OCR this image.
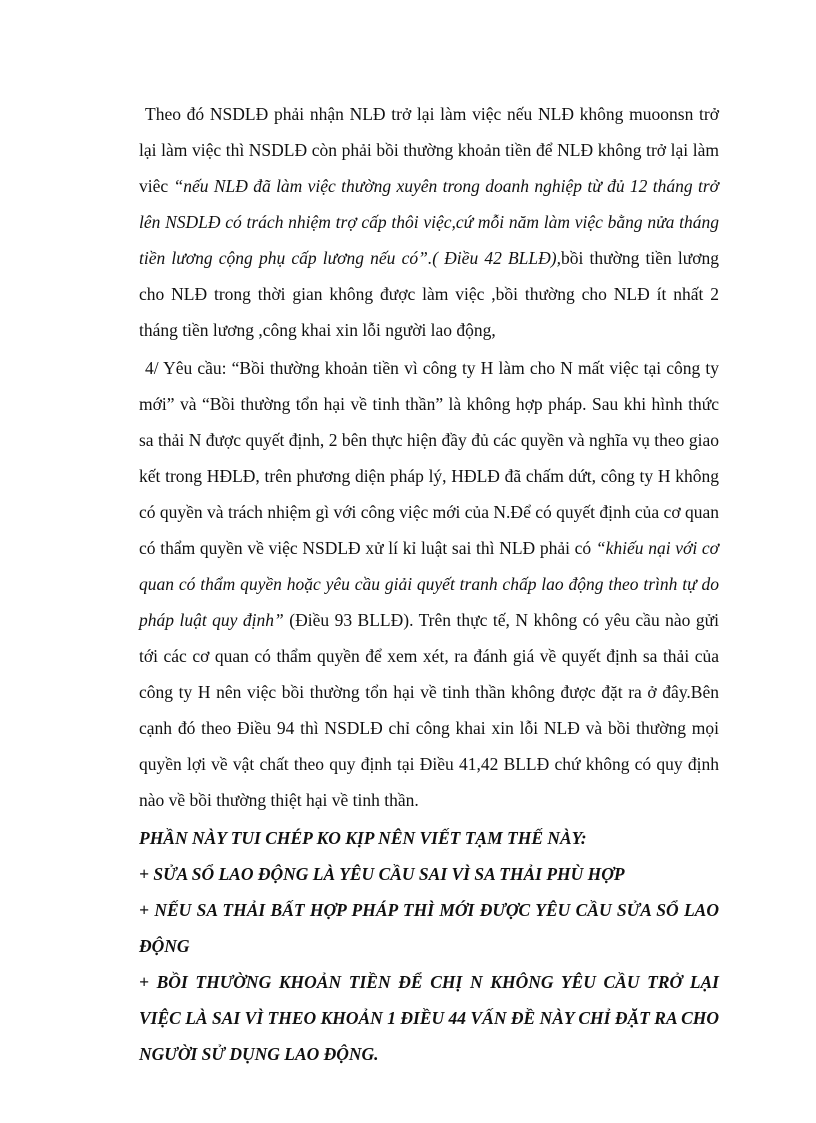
Theo đó NSDLĐ phải nhận NLĐ trở lại làm việc nếu NLĐ không muoonsn trở lại làm việc thì NSDLĐ còn phải bồi thường khoản tiền để NLĐ không trở lại làm viêc “nếu NLĐ đã làm việc thường xuyên trong doanh nghiệp từ đủ 12 tháng trở lên NSDLĐ có trách nhiệm trợ cấp thôi việc,cứ mỗi năm làm việc bằng nửa tháng tiền lương cộng phụ cấp lương nếu có”.( Điều 42 BLLĐ),bồi thường tiền lương cho NLĐ trong thời gian không được làm việc ,bồi thường cho NLĐ ít nhất 2 tháng tiền lương ,công khai xin lỗi người lao động,

4/ Yêu cầu: “Bồi thường khoản tiền vì công ty H làm cho N mất việc tại công ty mới” và “Bồi thường tổn hại về tinh thần” là không hợp pháp. Sau khi hình thức sa thải N được quyết định, 2 bên thực hiện đầy đủ các quyền và nghĩa vụ theo giao kết trong HĐLĐ, trên phương diện pháp lý, HĐLĐ đã chấm dứt, công ty H không có quyền và trách nhiệm gì với công việc mới của N.Để có quyết định của cơ quan có thẩm quyền về việc NSDLĐ xử lí kỉ luật sai thì NLĐ phải có “khiếu nại với cơ quan có thẩm quyền hoặc yêu cầu giải quyết tranh chấp lao động theo trình tự do pháp luật quy định” (Điều 93 BLLĐ). Trên thực tế, N không có yêu cầu nào gửi tới các cơ quan có thẩm quyền để xem xét, ra đánh giá về quyết định sa thải của công ty H nên việc bồi thường tổn hại về tinh thần không được đặt ra ở đây.Bên cạnh đó theo Điều 94 thì NSDLĐ chỉ công khai xin lỗi NLĐ và bồi thường mọi quyền lợi về vật chất theo quy định tại Điều 41,42 BLLĐ chứ không có quy định nào về bồi thường thiệt hại về tinh thần.

PHẦN NÀY TUI CHÉP KO KỊP NÊN VIẾT TẠM THẾ NÀY:

+ SỬA SỔ LAO ĐỘNG LÀ YÊU CẦU SAI VÌ SA THẢI PHÙ HỢP

+ NẾU SA THẢI BẤT HỢP PHÁP THÌ MỚI ĐƯỢC YÊU CẦU SỬA SỔ LAO ĐỘNG

+ BỒI THƯỜNG KHOẢN TIỀN ĐỂ CHỊ N KHÔNG YÊU CẦU TRỞ LẠI VIỆC LÀ SAI VÌ THEO KHOẢN 1 ĐIỀU 44 VẤN ĐỀ NÀY CHỈ ĐẶT RA CHO NGƯỜI SỬ DỤNG LAO ĐỘNG.
